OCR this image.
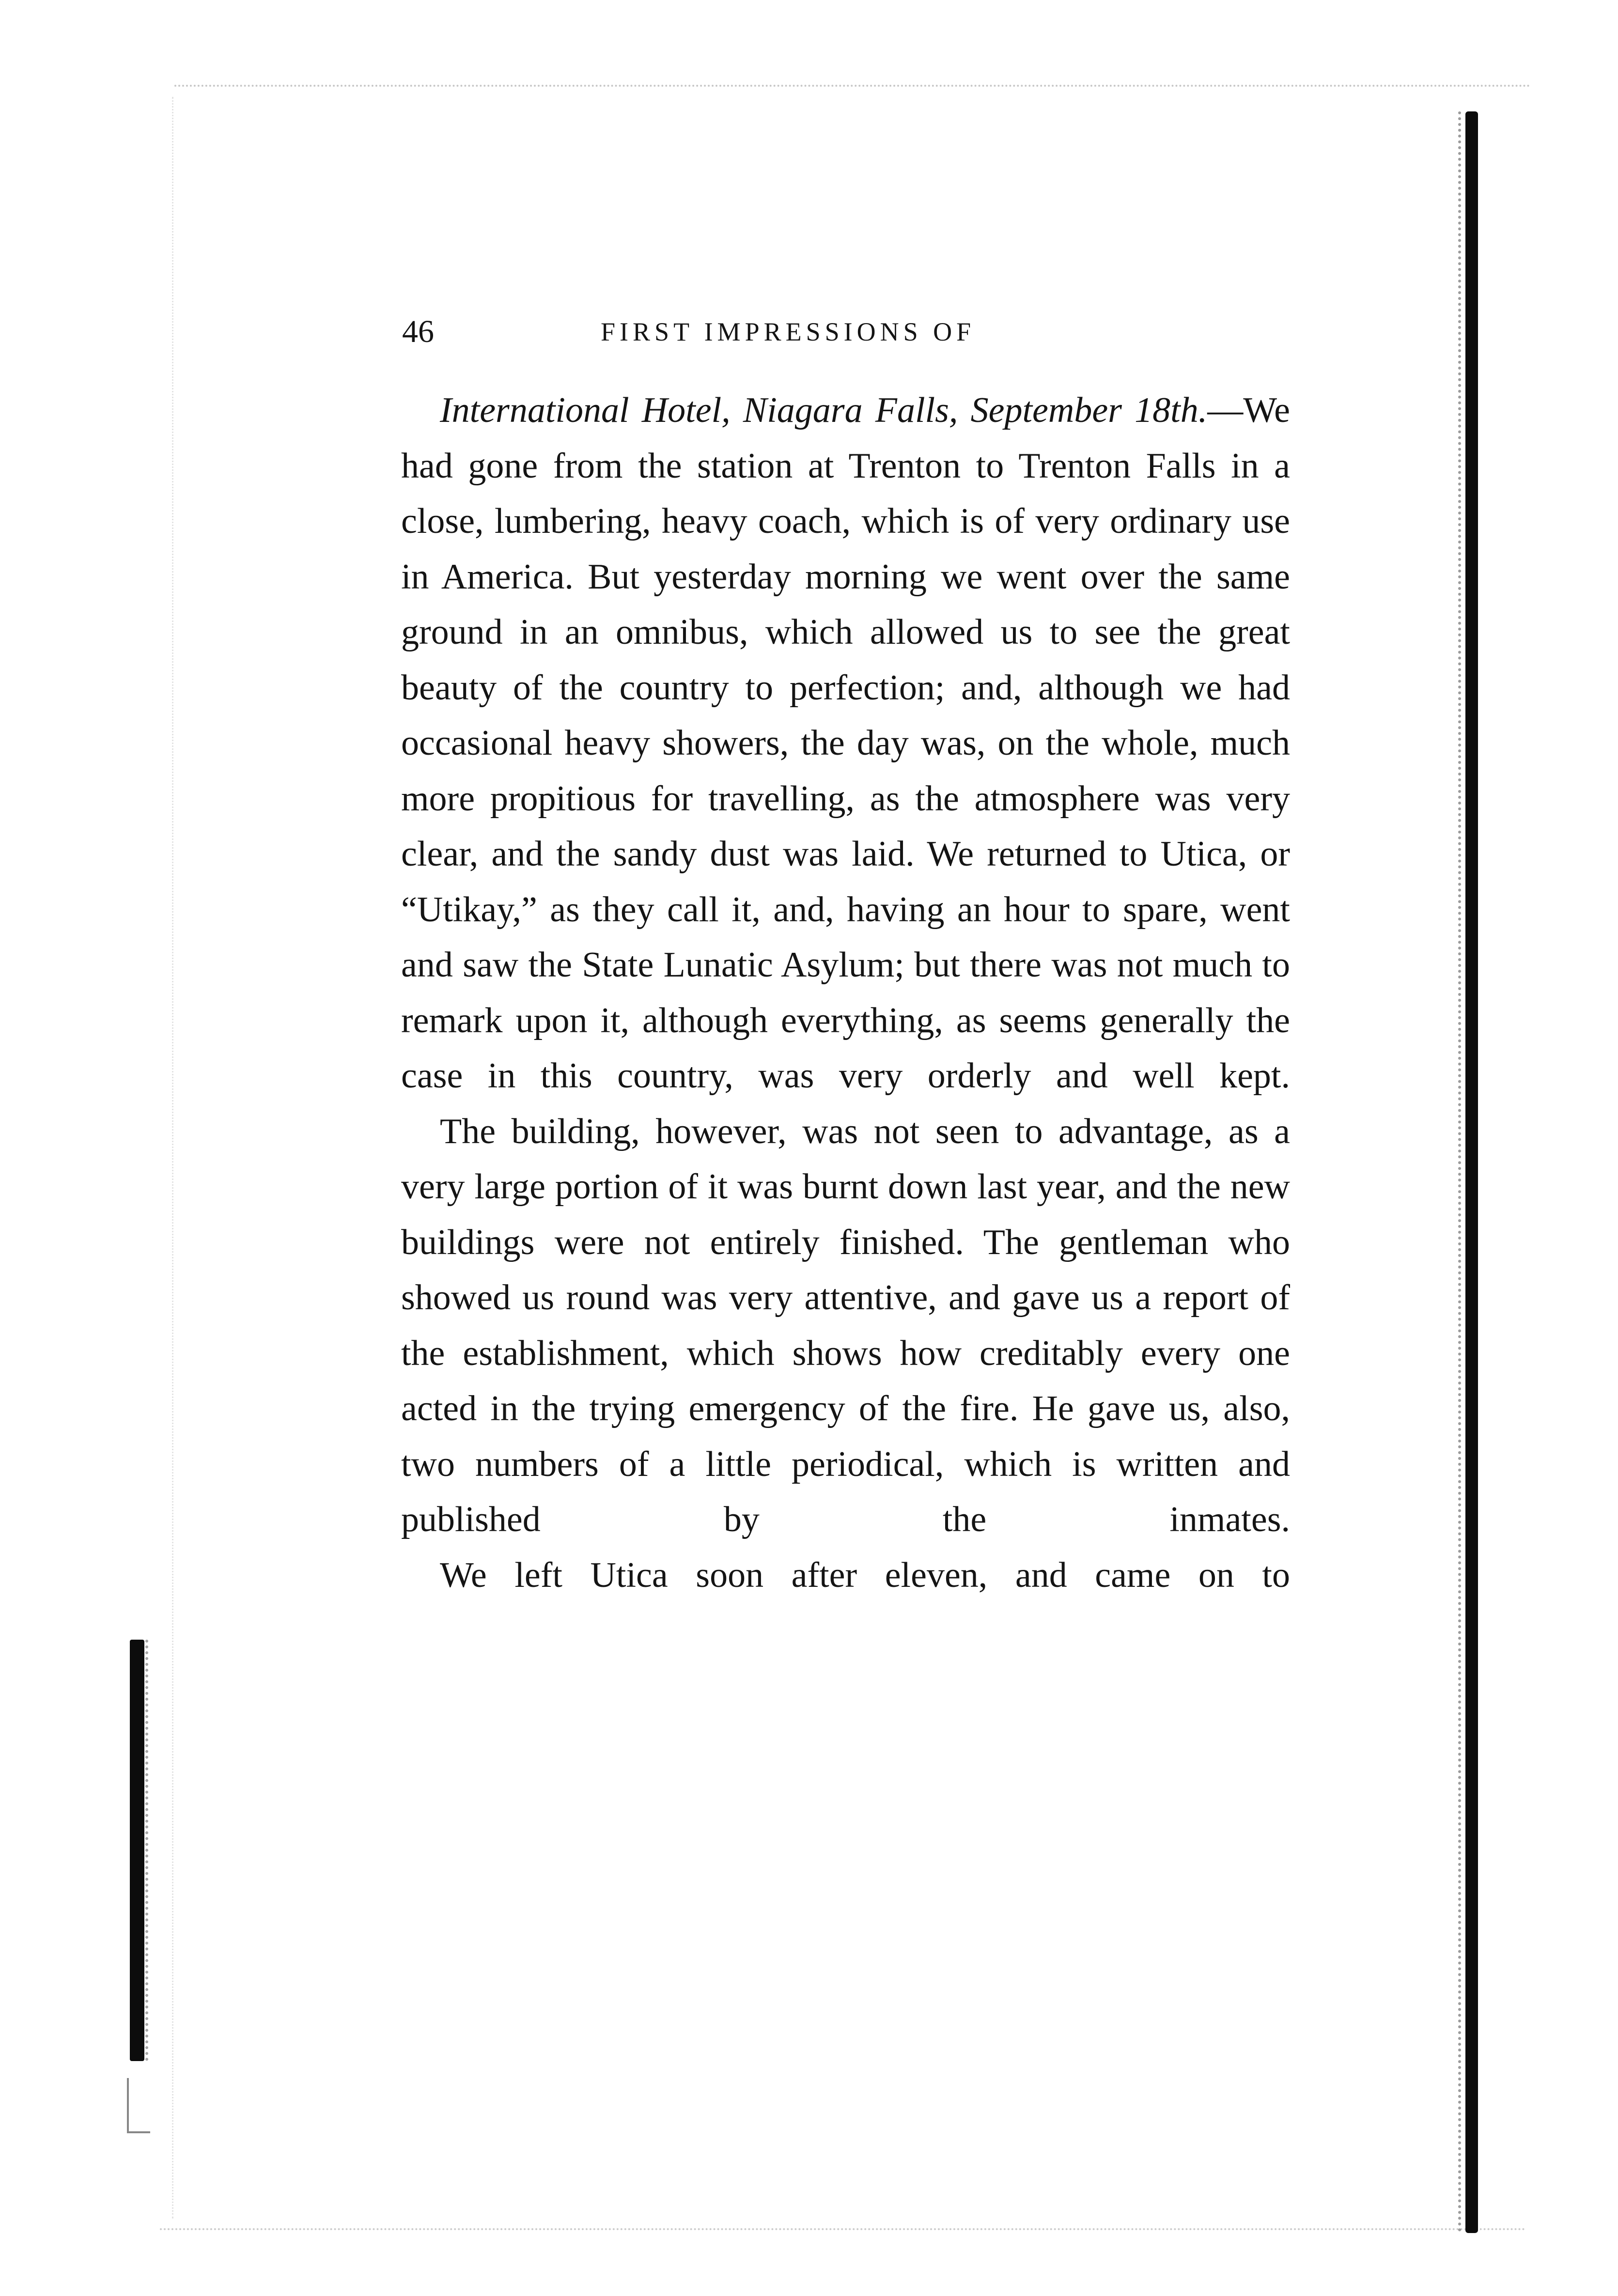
46	FIRST IMPRESSIONS OF

International Hotel, Niagara Falls, September 18th.—We had gone from the station at Trenton to Trenton Falls in a close, lumbering, heavy coach, which is of very ordinary use in America. But yesterday morning we went over the same ground in an omnibus, which allowed us to see the great beauty of the country to perfection; and, although we had occasional heavy showers, the day was, on the whole, much more propitious for travelling, as the atmosphere was very clear, and the sandy dust was laid. We returned to Utica, or “Utikay,” as they call it, and, having an hour to spare, went and saw the State Lunatic Asylum; but there was not much to remark upon it, although everything, as seems generally the case in this country, was very orderly and well kept.

The building, however, was not seen to advantage, as a very large portion of it was burnt down last year, and the new buildings were not entirely finished. The gentleman who showed us round was very attentive, and gave us a report of the establishment, which shows how creditably every one acted in the trying emergency of the fire. He gave us, also, two numbers of a little periodical, which is written and published by the inmates.

We left Utica soon after eleven, and came on to
